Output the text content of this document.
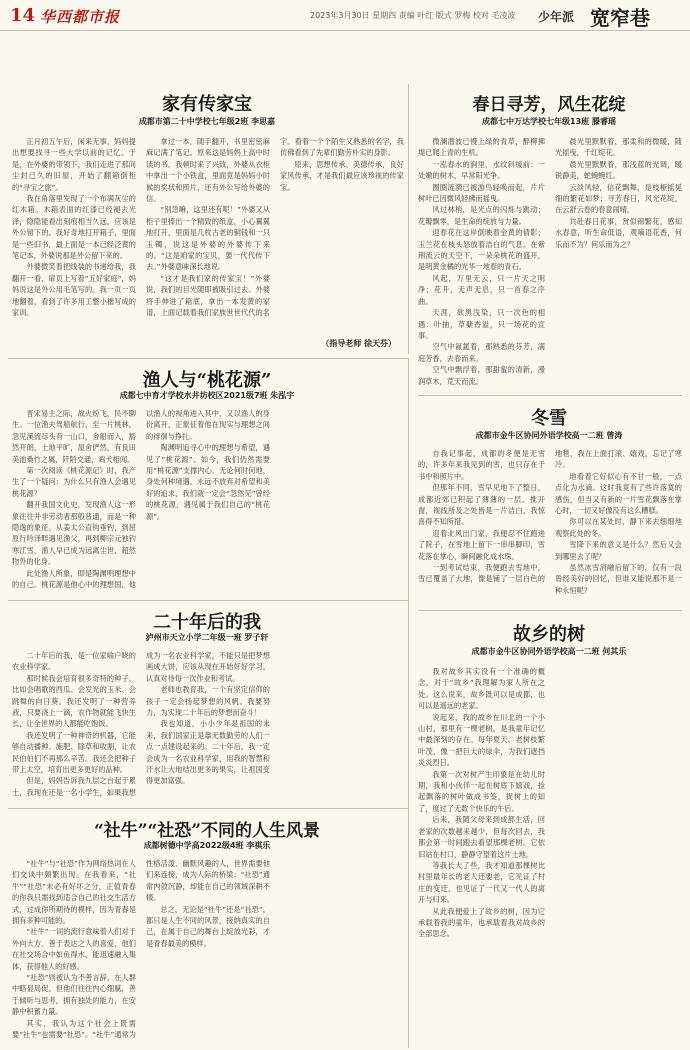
14 华西都市报	2023年3月30日 星期四 责编 叶红 版式 罗梅 校对 毛凌波 少年派 宽窄巷
家有传家宝
成都市第二十中学校七年级2班 李思嘉

正月初五午后，闲来无事，妈妈提出想要找寻一些大学以前的记忆。于是，在外婆的带领下，我们走进了那间尘封已久的旧屋，开始了翻箱倒柜的“寻宝之旅”。

我在角落里发现了一个布满灰尘的红木箱。木箱表面的红漆已经褪去光泽，隐隐能看出刻痕相当久远，应该是外公留下的。我好奇地打开箱子，里面是一些旧书，最上面是一本已经泛黄的笔记本，外婆说那是外公留下来的。

外婆微笑着把线装的书递给我，我翻开一看，扉页上写着“五好家庭”，妈妈说这是外公用毛笔写的。我一页一页地翻着，看到了许多用工整小楷写成的家训。

拿过一本，随手翻开，书里密密麻麻记满了笔记。原来这是妈妈上高中时读的书。我顿时来了兴致，外婆从衣柜中拿出一个小铁盒，里面竟是妈妈小时候的奖状和照片，还有外公写给外婆的信。

“别急嘛，这里还有呢！”外婆又从柜子里捧出一个精致的纸盒，小心翼翼地打开，里面是几枚古老的铜钱和一只玉镯，说这是外婆的外婆传下来的。“这是咱家的宝贝，要一代代传下去。”外婆意味深长地说。

“这才是我们家的传家宝！”外婆说，我们的目光随即被吸引过去。外婆将手伸进了箱底，拿出一本发黄的家谱，上面记载着我们家族世世代代的名字。看着一个个陌生又熟悉的名字，我仿佛看到了先辈们勤劳朴实的身影。

原来，思想传承、美德传承，良好家风传承，才是我们最应该珍视的传家宝。

（指导老师 徐天芬）
春日寻芳，风生花绽
成都七中万达学校七年级13班 滕睿瑶

微澜潜波已慢上绿的青草，醉柳拂堤已爬上青的生机。

一泓春水的涧里，水纹斜缓前：一处嫩的树木，早常阳光争。

圈圈涟漪已被游鸟轻唤而起，片片树叶已因微风轻拂而摇曳。

风过林梢，是光点的闪烁与跳动；花瓣飘零，是生命的绽放与力量。

迎春花在这岸倒映着金黄的倩影；玉兰花在枝头怒放着洁白的气息。在紫荆流云的天空下，一朵朵桃花的盛开，是明黄金橘的光华一地春的青石。

风起，万里无云，只一片天之明净；花开，无声无息，只一首春之序曲。

天涯，欲黑浅染，只一次色的相遇：叶抽，草蘖香溢，只一场花的宣事。

空气中氤氲着，那熟悉的芬芳，满庭芳香，去春而来。

空气中飘浮着，那甜蜜的清新，漫润草木，荒天而流。

晨光里默默着，那柔和的微暖，随光摇曳，千红绽花。

晨光里默默着，那浅蓝的光调，暖锐静美，蛇蜿蜿红。

云淡风轻，信花飘舞，是枝桠摇晃细的繁花如梦；寻芳春日，风光花绽，在云舒云卷的春意闹晴。

共赴春日花事，赏似锦繁花，感知水春意，听生命低语，观嘀语花香，何乐而不为？何乐而为之？

渔人与“桃花源”
成都七中育才学校水井坊校区2021级7班 朱泓宇

晋宋易主之际，战火纷飞，民不聊生。一位渔夫驾船航行，至一片桃林，忽见溪流尽头有一山口，舍船而入，豁然开朗，土地平旷，屋舍俨然，有良田美池桑竹之属，阡陌交通，鸡犬相闻。

第一次阅读《桃花源记》时，我产生了一个疑问：为什么只有渔人会遇见桃花源？

翻开我国文化史，发现渔人这一形象往往并非劳动者那般普通，而是一种隐逸的象征。从姜太公直钩垂钓，到屈原行吟泽畔遇见渔父，再到柳宗元独钓寒江雪，渔人早已成为远离尘世、超然物外的化身。

此处渔人所象，即是陶渊明理想中的自己。桃花源是他心中的理想国，他以渔人的视角进入其中，又以渔人的身份离开，正象征着他在现实与理想之间的徘徊与挣扎。

陶渊明追寻心中的理想与希望，遇见了“桃花源”。如今，我们仍然需要用“桃花源”支撑内心，无论何时何地，身处何种境遇，永远不放弃对希望和美好的追求，我们就一定会“忽然见”曾经的桃花源，遇见属于我们自己的“桃花源”。

冬雪
成都市金牛区协同外语学校高一二班 曾涛

自我记事起，成都的冬便是无雪的，许多年来我见到的雪，也只存在于书中和照片中。

但那年不同，雪早见地下了整日，成都近郊已积起了薄薄的一层。推开窗，视线所及之处皆是一片洁白，我惊喜得不知所措。

迎着北风出门家，我便忍不住跑进了院子，在雪地上留下一串串脚印，雪花落在掌心，瞬间融化成水珠。

一到考试结束，我便跑去雪地中，雪已覆盖了大地，像是铺了一层白色的地毯，我在上面打滚、嬉戏，忘记了寒冷。

地看着它好似心有不甘一般，一点点化为水滴。这时我竟有了些许落寞的感伤，但当又有新的一片雪花飘落在掌心时，一切又好像没有这么糟糕。

你可以在某处时，静下来去细细地观察此处的冬。

雪降下来的意义是什么？然后又会到哪里去了呢？

虽然冰雪消融后留下的，仅有一段曾经美好的回忆，但谁又能说那不是一种永恒呢？

二十年后的我
泸州市天立小学二年级一班 罗子轩

二十年后的我，是一位家喻户晓的农业科学家。

那时候我会培育很多奇特的种子，比如会唱歌的西瓜、会发光的玉米、会跳舞的向日葵。我还发明了一种营养液，只要浇上一滴，农作物就能飞快生长，让全世界的人都能吃饱饭。

我还发明了一种神奇的机器，它能够自动播种、施肥、除草和收割，让农民伯伯们不再那么辛苦。我还会把种子带上太空，培育出更多更好的品种。

但是，妈妈告诉我九层之台起于累土，我现在还是一名小学生，如果我想成为一名农业科学家，不能只是把梦想画成大饼，应该从现在开始好好学习，认真对待每一次作业和考试。

老师也教育我，一个有坚定信仰的孩子一定会扬起梦想的风帆。我要努力，为实现二十年后的梦想而奋斗！

我也知道，小小少年是祖国的未来，我们国家正是靠无数勤劳的人们一点一点建设起来的。二十年后，我一定会成为一名农业科学家，用我的智慧和汗水让大地结出更多的果实，让祖国变得更加富强。

“社牛”“社恐”不同的人生风景
成都树德中学高2022级4班 李祺乐

“社牛”与“社恐”作为网络热词在人们交谈中频繁出现。在我看来，“社牛”“社恐”未必有好坏之分，正值青春的你我只需找到适合自己的社交生活方式，过成你所期待的模样，因为青春是拥有多种可能的。

“社牛”一词的流行意味着人们对于外向大方、善于表达之人的喜爱，他们在社交场合中如鱼得水，能迅速融入集体，获得他人的好感。

“社恐”则被认为不善言辞，在人群中略显局促。但他们往往内心细腻，善于倾听与思考，拥有独处的能力，在安静中积蓄力量。

其实，我认为这个社会上既需要“社牛”也需要“社恐”。“社牛”通常为性格活泼、幽默风趣的人，世界需要他们来连接，成为人际的桥梁；“社恐”通常内敛沉静，却能在自己的领域深耕不辍。

总之，无论是“社牛”还是“社恐”，都只是人生不同的风景，接纳真实的自己，在属于自己的舞台上绽放光彩，才是青春最美的模样。

故乡的树
成都市金牛区协同外语学校高一二班 何其乐

我对故乡其实没有一个准确的概念，对于“故乡”我理解为家人所在之处。这么说来，故乡既可以是成都，也可以是遥远的老家。

说起来，我的故乡在川北的一个小山村，那里有一棵老树，是我童年记忆中最深刻的存在。每年夏天，老树枝繁叶茂，像一把巨大的绿伞，为我们遮挡炎炎烈日。

我第一次对树产生印象是在幼儿时期，我和小伙伴一起在树底下嬉戏，捡起飘落的树叶做成书签，捉树上的知了，度过了无数个快乐的午后。

后来，我随父母来到成都生活，回老家的次数越来越少，但每次回去，我都会第一时间跑去看望那棵老树。它依旧站在村口，静静守望着这片土地。

等我长大了些，我才知道那棵树比村里最年长的老人还要老，它见证了村庄的变迁，也见证了一代又一代人的离开与归来。

从此我便爱上了故乡的树，因为它承载着我的童年，也承载着我对故乡的全部思念。
